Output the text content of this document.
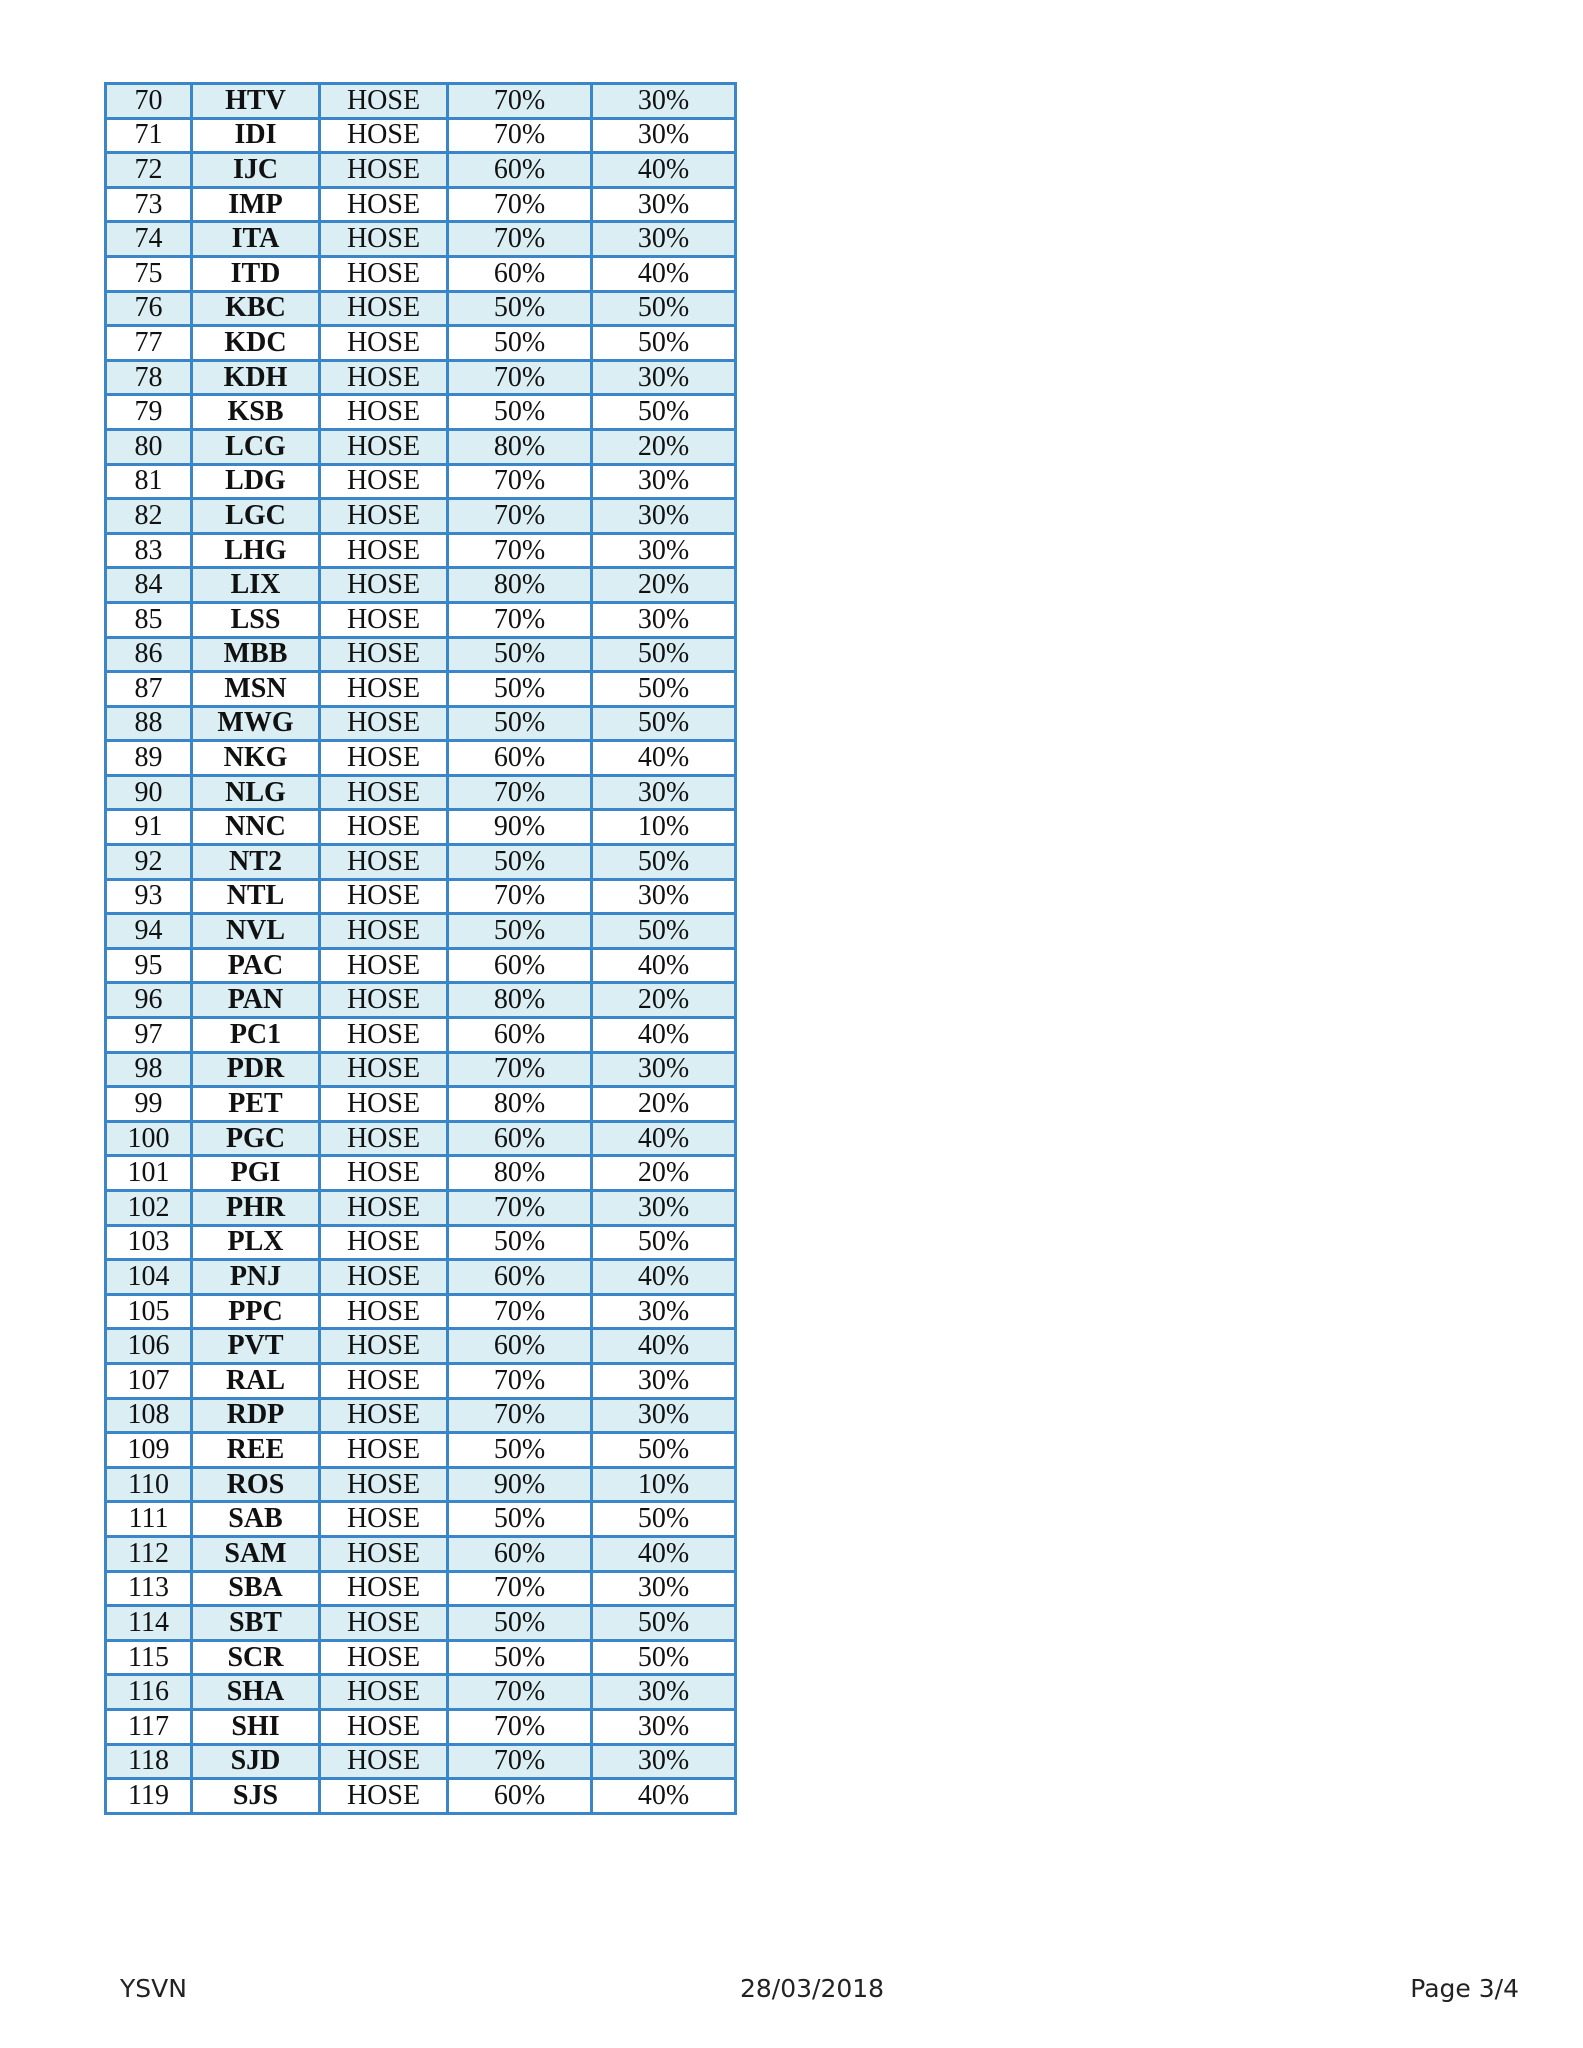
70	HTV	HOSE	70%	30%
71	IDI	HOSE	70%	30%
72	IJC	HOSE	60%	40%
73	IMP	HOSE	70%	30%
74	ITA	HOSE	70%	30%
75	ITD	HOSE	60%	40%
76	KBC	HOSE	50%	50%
77	KDC	HOSE	50%	50%
78	KDH	HOSE	70%	30%
79	KSB	HOSE	50%	50%
80	LCG	HOSE	80%	20%
81	LDG	HOSE	70%	30%
82	LGC	HOSE	70%	30%
83	LHG	HOSE	70%	30%
84	LIX	HOSE	80%	20%
85	LSS	HOSE	70%	30%
86	MBB	HOSE	50%	50%
87	MSN	HOSE	50%	50%
88	MWG	HOSE	50%	50%
89	NKG	HOSE	60%	40%
90	NLG	HOSE	70%	30%
91	NNC	HOSE	90%	10%
92	NT2	HOSE	50%	50%
93	NTL	HOSE	70%	30%
94	NVL	HOSE	50%	50%
95	PAC	HOSE	60%	40%
96	PAN	HOSE	80%	20%
97	PC1	HOSE	60%	40%
98	PDR	HOSE	70%	30%
99	PET	HOSE	80%	20%
100	PGC	HOSE	60%	40%
101	PGI	HOSE	80%	20%
102	PHR	HOSE	70%	30%
103	PLX	HOSE	50%	50%
104	PNJ	HOSE	60%	40%
105	PPC	HOSE	70%	30%
106	PVT	HOSE	60%	40%
107	RAL	HOSE	70%	30%
108	RDP	HOSE	70%	30%
109	REE	HOSE	50%	50%
110	ROS	HOSE	90%	10%
111	SAB	HOSE	50%	50%
112	SAM	HOSE	60%	40%
113	SBA	HOSE	70%	30%
114	SBT	HOSE	50%	50%
115	SCR	HOSE	50%	50%
116	SHA	HOSE	70%	30%
117	SHI	HOSE	70%	30%
118	SJD	HOSE	70%	30%
119	SJS	HOSE	60%	40%
YSVN	28/03/2018	Page 3/4
